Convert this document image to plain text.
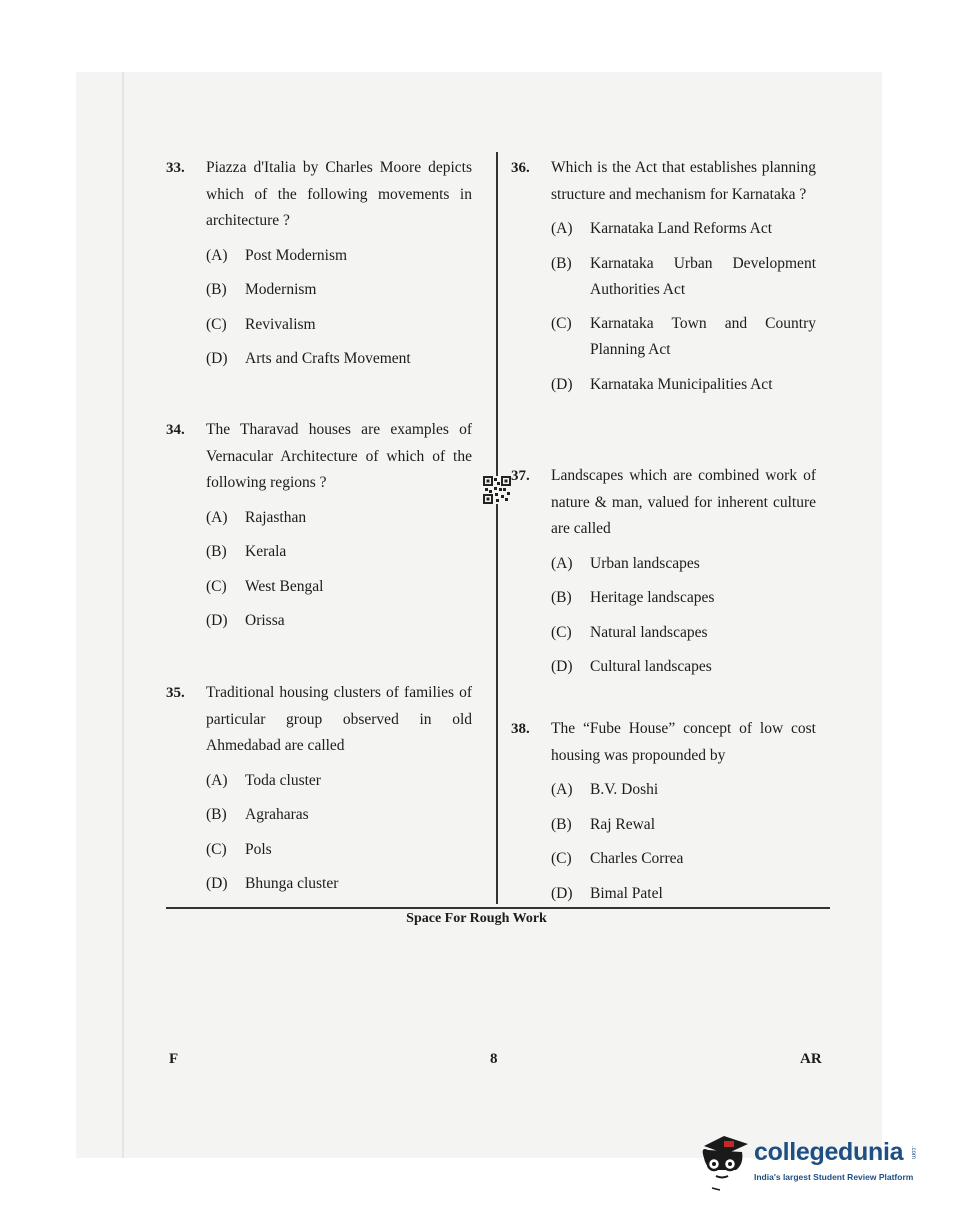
33. Piazza d'Italia by Charles Moore depicts which of the following movements in architecture ?
(A)	Post Modernism
(B)	Modernism
(C)	Revivalism
(D)	Arts and Crafts Movement
34. The Tharavad houses are examples of Vernacular Architecture of which of the following regions ?
(A)	Rajasthan
(B)	Kerala
(C)	West Bengal
(D)	Orissa
35. Traditional housing clusters of families of particular group observed in old Ahmedabad are called
(A)	Toda cluster
(B)	Agraharas
(C)	Pols
(D)	Bhunga cluster
36. Which is the Act that establishes planning structure and mechanism for Karnataka ?
(A)	Karnataka Land Reforms Act
(B)	Karnataka Urban Development Authorities Act
(C)	Karnataka Town and Country Planning Act
(D)	Karnataka Municipalities Act
37. Landscapes which are combined work of nature & man, valued for inherent culture are called
(A)	Urban landscapes
(B)	Heritage landscapes
(C)	Natural landscapes
(D)	Cultural landscapes
38. The “Fube House” concept of low cost housing was propounded by
(A)	B.V. Doshi
(B)	Raj Rewal
(C)	Charles Correa
(D)	Bimal Patel
Space For Rough Work
F	8	AR
collegedunia .com
India's largest Student Review Platform
